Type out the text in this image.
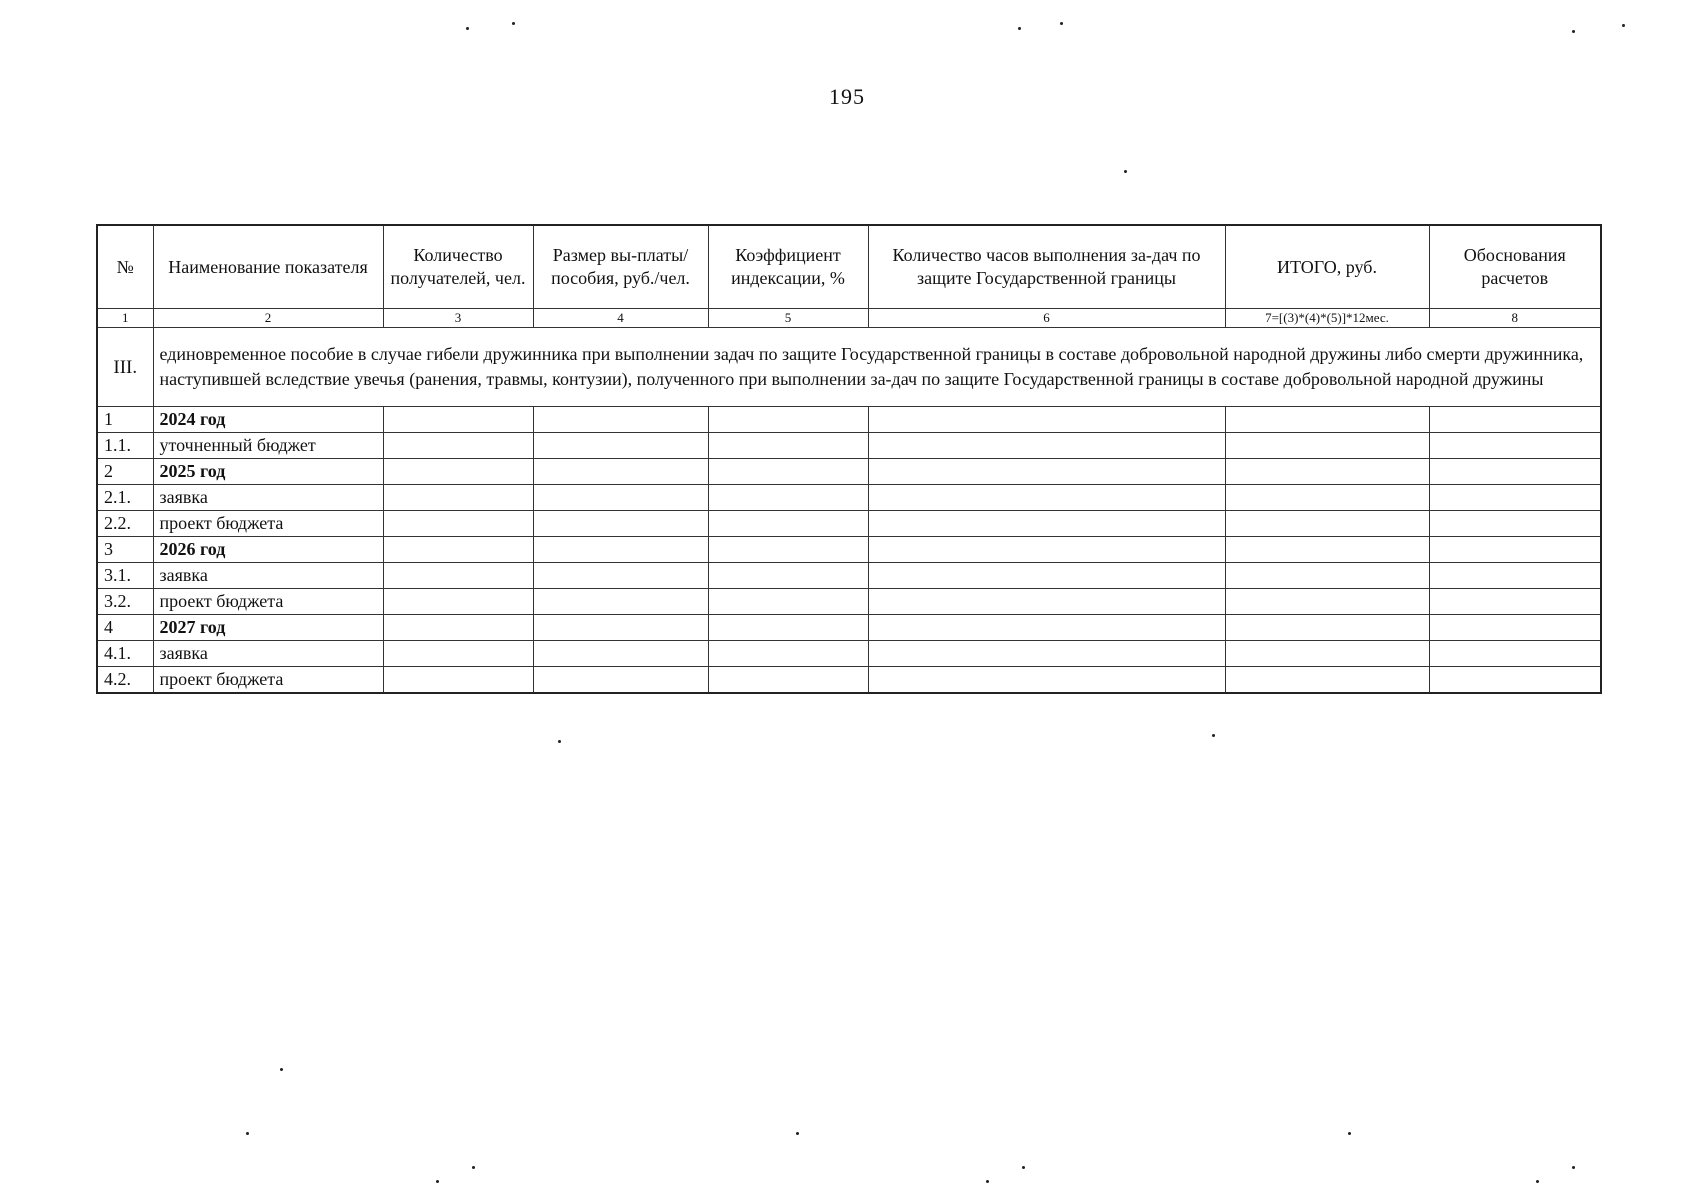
195
№	Наименование показателя	Количество получателей, чел.	Размер вы-платы/пособия, руб./чел.	Коэффициент индексации, %	Количество часов выполнения за-дач по защите Государственной границы	ИТОГО, руб.	Обоснования расчетов
1	2	3	4	5	6	7=[(3)*(4)*(5)]*12мес.	8
III.	единовременное пособие в случае гибели дружинника при выполнении задач по защите Государственной границы в составе добровольной народной дружины либо смерти дружинника, наступившей вследствие увечья (ранения, травмы, контузии), полученного при выполнении за-дач по защите Государственной границы в составе добровольной народной дружины						
1	2024 год						
1.1.	уточненный бюджет						
2	2025 год						
2.1.	заявка						
2.2.	проект бюджета						
3	2026 год						
3.1.	заявка						
3.2.	проект бюджета						
4	2027 год						
4.1.	заявка						
4.2.	проект бюджета						
